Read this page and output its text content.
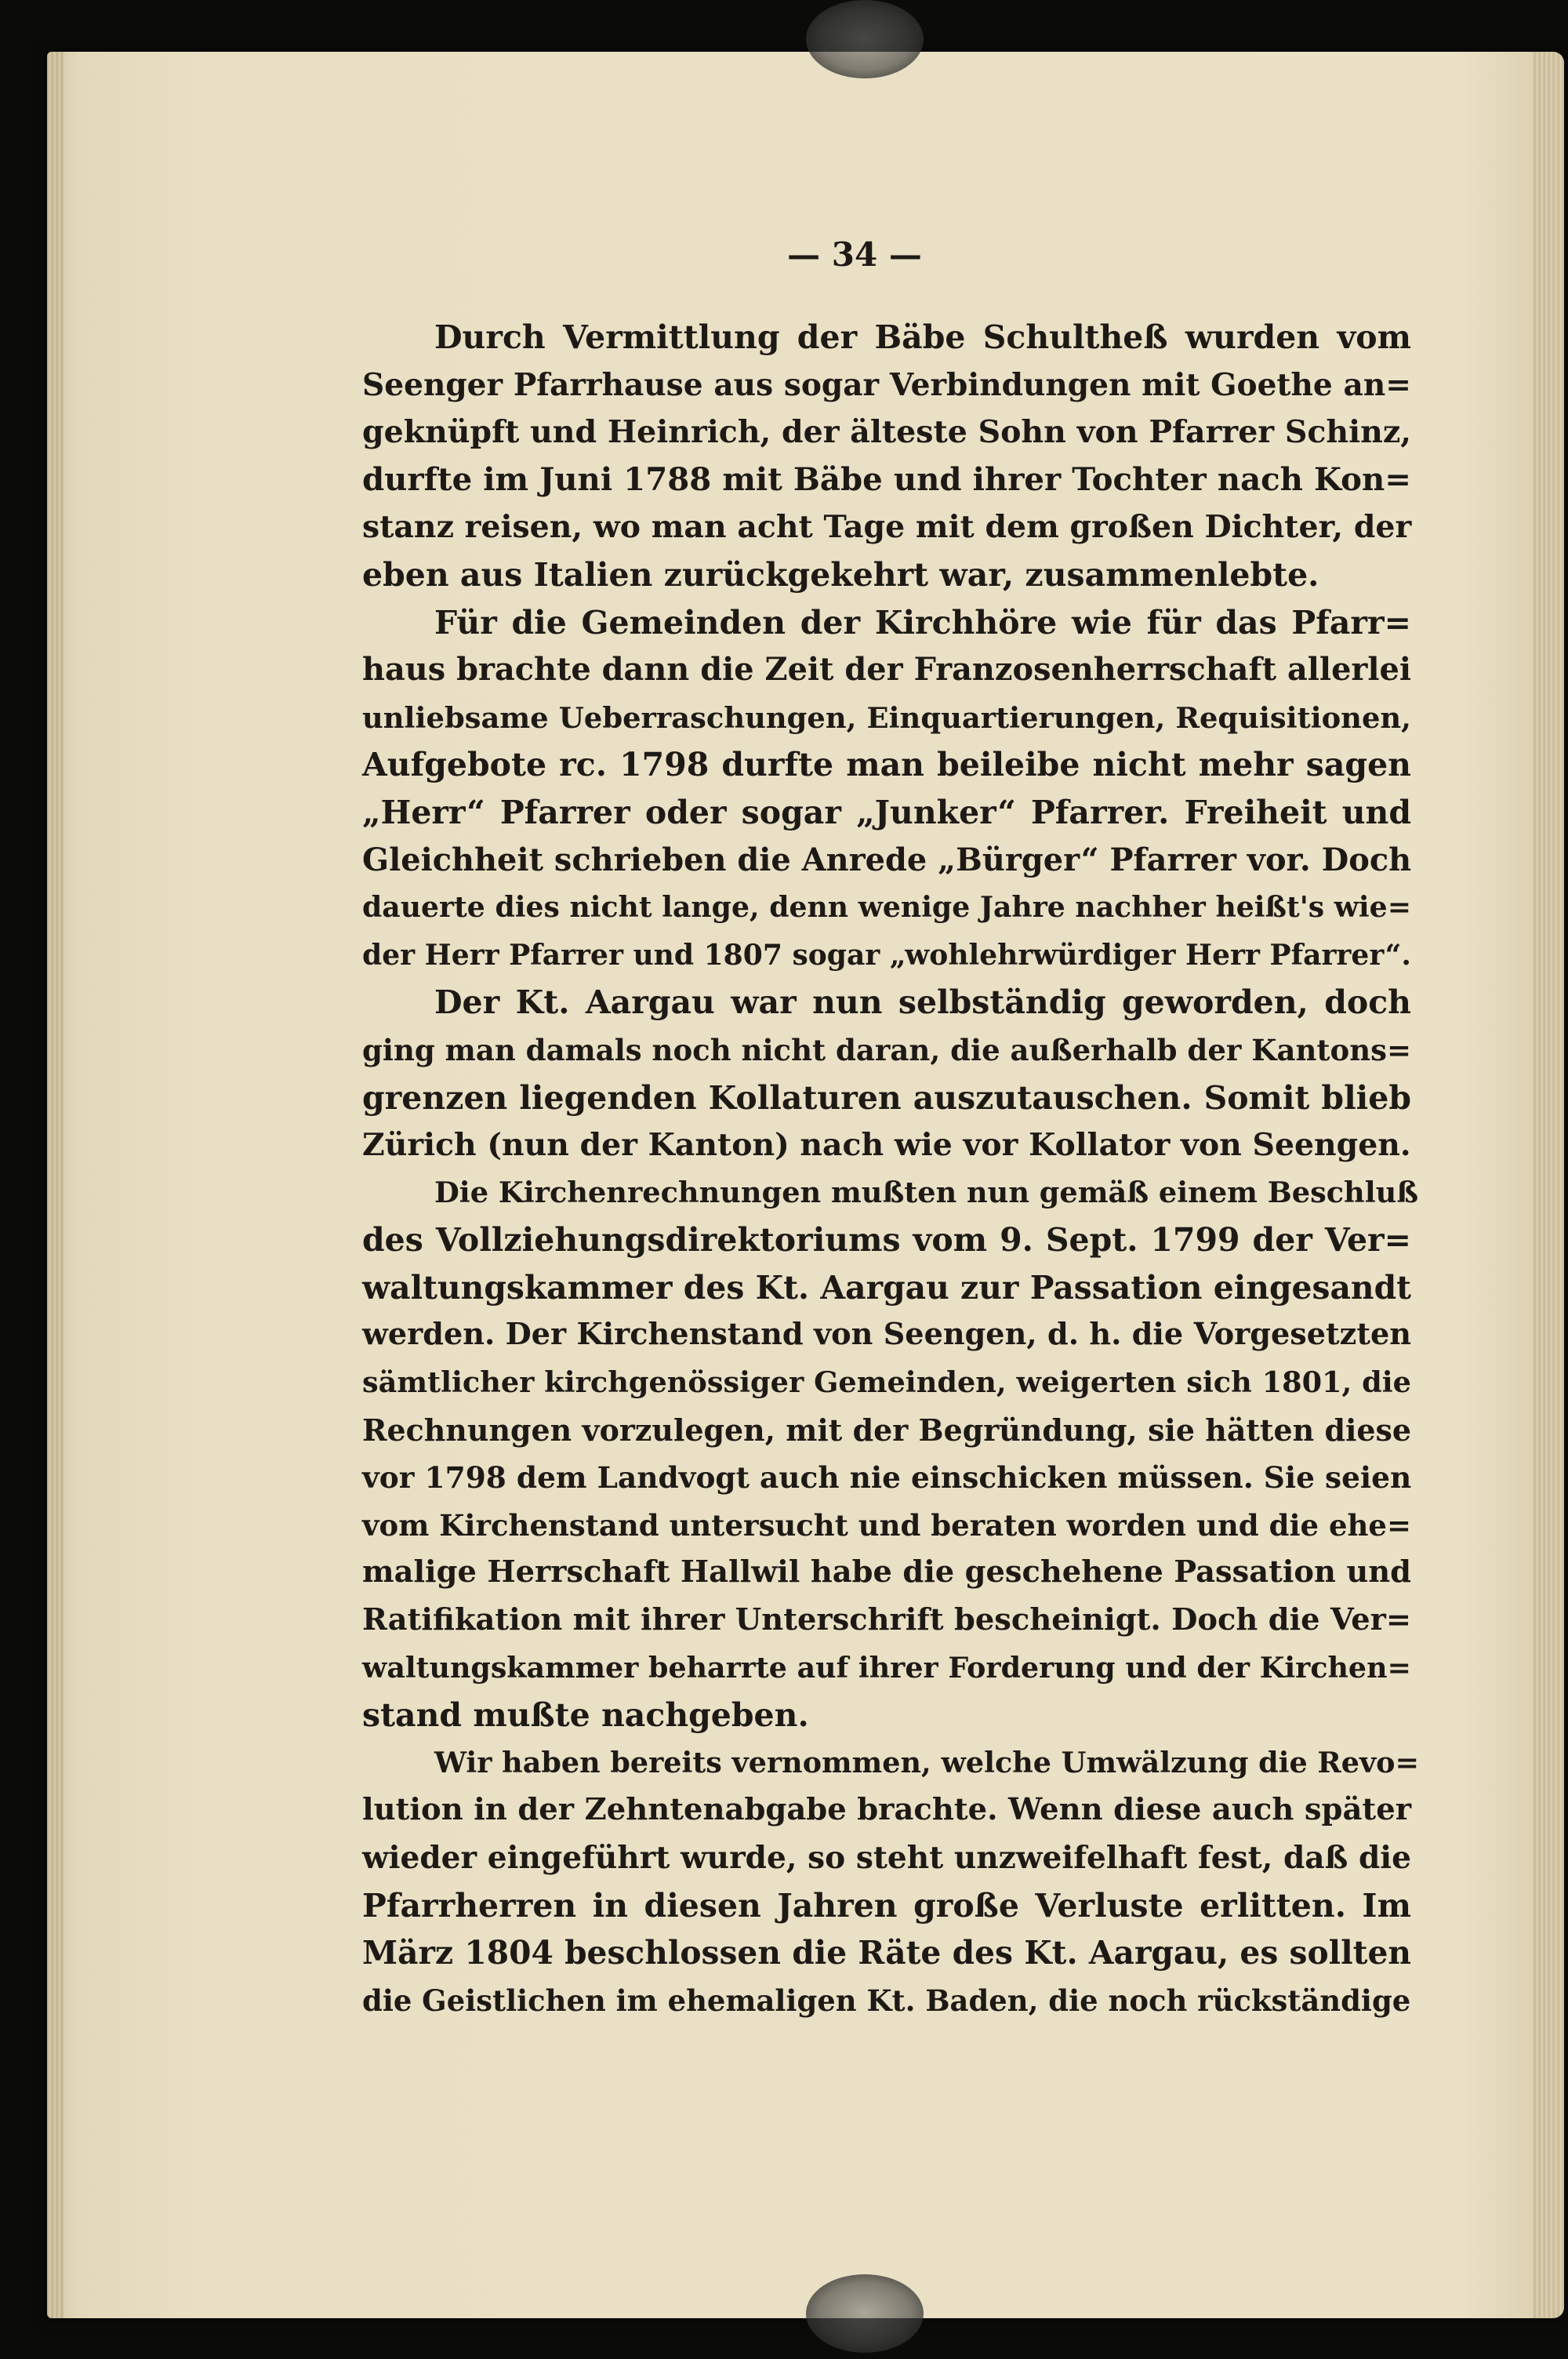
— 34 —
Durch Vermittlung der Bäbe Schultheß wurden vom
Seenger Pfarrhause aus sogar Verbindungen mit Goethe an=
geknüpft und Heinrich, der älteste Sohn von Pfarrer Schinz,
durfte im Juni 1788 mit Bäbe und ihrer Tochter nach Kon=
stanz reisen, wo man acht Tage mit dem großen Dichter, der
eben aus Italien zurückgekehrt war, zusammenlebte.
Für die Gemeinden der Kirchhöre wie für das Pfarr=
haus brachte dann die Zeit der Franzosenherrschaft allerlei
unliebsame Ueberraschungen, Einquartierungen, Requisitionen,
Aufgebote rc. 1798 durfte man beileibe nicht mehr sagen
„Herr“ Pfarrer oder sogar „Junker“ Pfarrer. Freiheit und
Gleichheit schrieben die Anrede „Bürger“ Pfarrer vor. Doch
dauerte dies nicht lange, denn wenige Jahre nachher heißt's wie=
der Herr Pfarrer und 1807 sogar „wohlehrwürdiger Herr Pfarrer“.
Der Kt. Aargau war nun selbständig geworden, doch
ging man damals noch nicht daran, die außerhalb der Kantons=
grenzen liegenden Kollaturen auszutauschen. Somit blieb
Zürich (nun der Kanton) nach wie vor Kollator von Seengen.
Die Kirchenrechnungen mußten nun gemäß einem Beschluß
des Vollziehungsdirektoriums vom 9. Sept. 1799 der Ver=
waltungskammer des Kt. Aargau zur Passation eingesandt
werden. Der Kirchenstand von Seengen, d. h. die Vorgesetzten
sämtlicher kirchgenössiger Gemeinden, weigerten sich 1801, die
Rechnungen vorzulegen, mit der Begründung, sie hätten diese
vor 1798 dem Landvogt auch nie einschicken müssen. Sie seien
vom Kirchenstand untersucht und beraten worden und die ehe=
malige Herrschaft Hallwil habe die geschehene Passation und
Ratifikation mit ihrer Unterschrift bescheinigt. Doch die Ver=
waltungskammer beharrte auf ihrer Forderung und der Kirchen=
stand mußte nachgeben.
Wir haben bereits vernommen, welche Umwälzung die Revo=
lution in der Zehntenabgabe brachte. Wenn diese auch später
wieder eingeführt wurde, so steht unzweifelhaft fest, daß die
Pfarrherren in diesen Jahren große Verluste erlitten. Im
März 1804 beschlossen die Räte des Kt. Aargau, es sollten
die Geistlichen im ehemaligen Kt. Baden, die noch rückständige
